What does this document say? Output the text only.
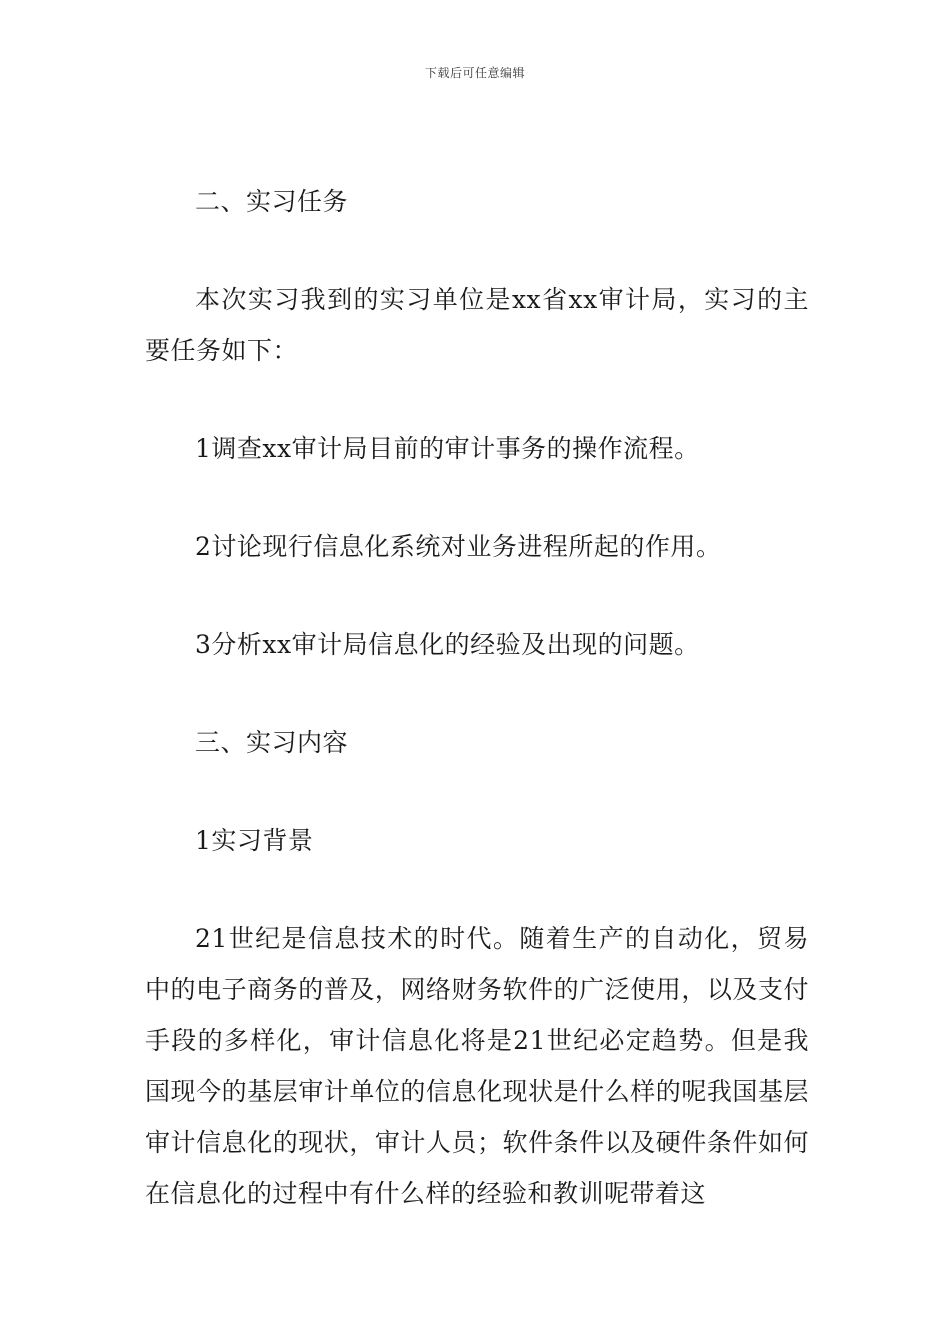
下载后可任意编辑

二、实习任务

本次实习我到的实习单位是xx省xx审计局，实习的主要任务如下：

1调查xx审计局目前的审计事务的操作流程。

2讨论现行信息化系统对业务进程所起的作用。

3分析xx审计局信息化的经验及出现的问题。

三、实习内容

1实习背景

21世纪是信息技术的时代。随着生产的自动化，贸易中的电子商务的普及，网络财务软件的广泛使用，以及支付手段的多样化，审计信息化将是21世纪必定趋势。但是我国现今的基层审计单位的信息化现状是什么样的呢我国基层审计信息化的现状，审计人员；软件条件以及硬件条件如何在信息化的过程中有什么样的经验和教训呢带着这
